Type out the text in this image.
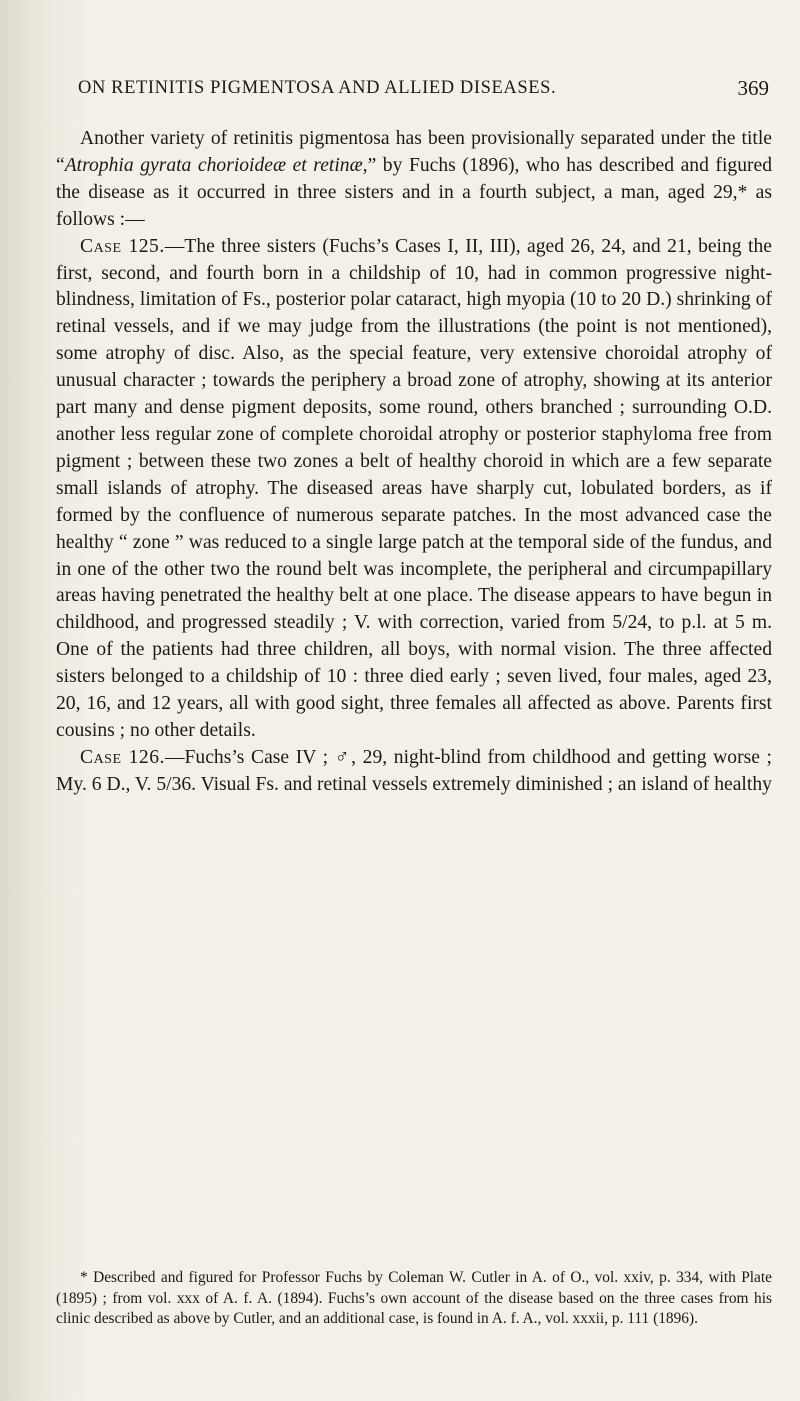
ON RETINITIS PIGMENTOSA AND ALLIED DISEASES.	369

Another variety of retinitis pigmentosa has been provisionally separated under the title “Atrophia gyrata chorioideæ et retinæ,” by Fuchs (1896), who has described and figured the disease as it occurred in three sisters and in a fourth subject, a man, aged 29,* as follows :—

Case 125.—The three sisters (Fuchs’s Cases I, II, III), aged 26, 24, and 21, being the first, second, and fourth born in a childship of 10, had in common progressive night-blindness, limitation of Fs., posterior polar cataract, high myopia (10 to 20 D.) shrinking of retinal vessels, and if we may judge from the illustrations (the point is not mentioned), some atrophy of disc. Also, as the special feature, very extensive choroidal atrophy of unusual character ; towards the periphery a broad zone of atrophy, showing at its anterior part many and dense pigment deposits, some round, others branched ; surrounding O.D. another less regular zone of complete choroidal atrophy or posterior staphyloma free from pigment ; between these two zones a belt of healthy choroid in which are a few separate small islands of atrophy. The diseased areas have sharply cut, lobulated borders, as if formed by the confluence of numerous separate patches. In the most advanced case the healthy “ zone ” was reduced to a single large patch at the temporal side of the fundus, and in one of the other two the round belt was incomplete, the peripheral and circumpapillary areas having penetrated the healthy belt at one place. The disease appears to have begun in childhood, and progressed steadily ; V. with correction, varied from 5/24, to p.l. at 5 m. One of the patients had three children, all boys, with normal vision. The three affected sisters belonged to a childship of 10 : three died early ; seven lived, four males, aged 23, 20, 16, and 12 years, all with good sight, three females all affected as above. Parents first cousins ; no other details.

Case 126.—Fuchs’s Case IV ; ♂, 29, night-blind from childhood and getting worse ; My. 6 D., V. 5/36. Visual Fs. and retinal vessels extremely diminished ; an island of healthy

* Described and figured for Professor Fuchs by Coleman W. Cutler in A. of O., vol. xxiv, p. 334, with Plate (1895) ; from vol. xxx of A. f. A. (1894). Fuchs’s own account of the disease based on the three cases from his clinic described as above by Cutler, and an additional case, is found in A. f. A., vol. xxxii, p. 111 (1896).
